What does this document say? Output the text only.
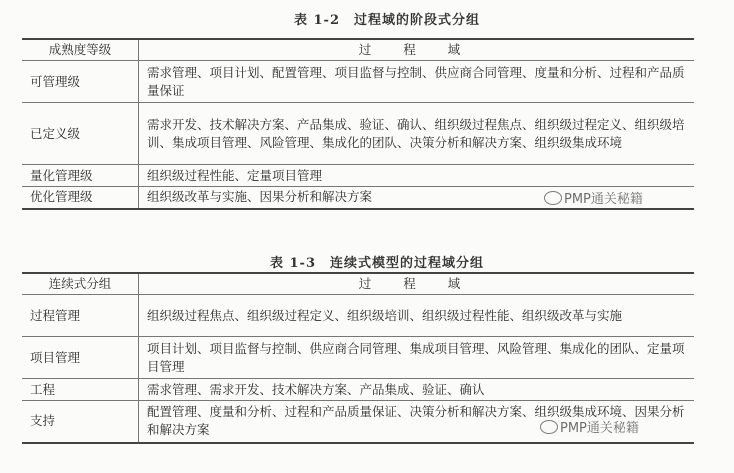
表 1-2　过程域的阶段式分组
成熟度等级	过 程 域
可管理级	需求管理、项目计划、配置管理、项目监督与控制、供应商合同管理、度量和分析、过程和产品质量保证
已定义级	需求开发、技术解决方案、产品集成、验证、确认、组织级过程焦点、组织级过程定义、组织级培训、集成项目管理、风险管理、集成化的团队、决策分析和解决方案、组织级集成环境
量化管理级	组织级过程性能、定量项目管理
优化管理级	组织级改革与实施、因果分析和解决方案
表 1-3　连续式模型的过程域分组
连续式分组	过 程 域
过程管理	组织级过程焦点、组织级过程定义、组织级培训、组织级过程性能、组织级改革与实施
项目管理	项目计划、项目监督与控制、供应商合同管理、集成项目管理、风险管理、集成化的团队、定量项目管理
工程	需求管理、需求开发、技术解决方案、产品集成、验证、确认
支持	配置管理、度量和分析、过程和产品质量保证、决策分析和解决方案、组织级集成环境、因果分析和解决方案
PMP通关秘籍
PMP通关秘籍
